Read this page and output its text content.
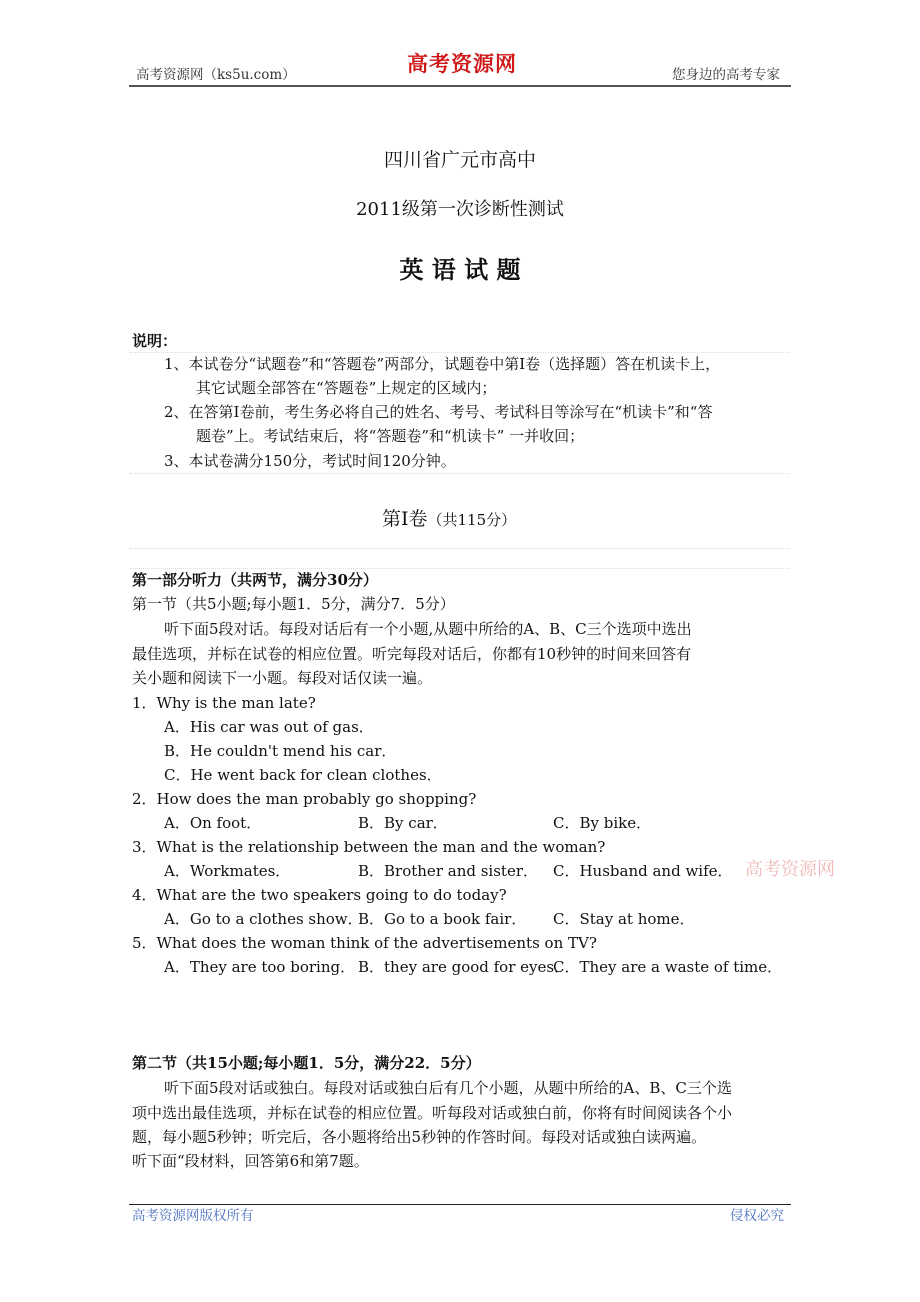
高考资源网（ks5u.com）	高考资源网	您身边的高考专家
四川省广元市高中
2011级第一次诊断性测试
英 语 试 题
说明：
1、本试卷分“试题卷”和“答题卷”两部分，试题卷中第I卷（选择题）答在机读卡上，
其它试题全部答在“答题卷”上规定的区域内；
2、在答第I卷前，考生务必将自己的姓名、考号、考试科目等涂写在“机读卡”和“答
题卷”上。考试结束后，将“答题卷”和“机读卡” 一并收回；
3、本试卷满分150分，考试时间120分钟。
第Ⅰ卷（共115分）
第一部分听力（共两节，满分30分）
第一节（共5小题;每小题1．5分，满分7．5分）
听下面5段对话。每段对话后有一个小题,从题中所给的A、B、C三个选项中选出
最佳选项，并标在试卷的相应位置。听完每段对话后，你都有10秒钟的时间来回答有
关小题和阅读下一小题。每段对话仅读一遍。
1．Why is the man late?
A．His car was out of gas．
B．He couldn't mend his car．
C．He went back for clean clothes．
2．How does the man probably go shopping?
A．On foot．	B．By car．	C．By bike．
3．What is the relationship between the man and the woman?
A．Workmates．	B．Brother and sister． C．Husband and wife． 高考资源网
4．What are the two speakers going to do today?
A．Go to a clothes show．
B．Go to a book fair． C．Stay at home．
5．What does the woman think of the advertisements on TV?
A．They are too boring． B．they are good for eyes．
C．They are a waste of time．
第二节（共15小题;每小题1．5分，满分22．5分）
听下面5段对话或独白。每段对话或独白后有几个小题，从题中所给的A、B、C三个选
项中选出最佳选项，并标在试卷的相应位置。听每段对话或独白前，你将有时间阅读各个小
题，每小题5秒钟；听完后，各小题将给出5秒钟的作答时间。每段对话或独白读两遍。
听下面“段材料，回答第6和第7题。
高考资源网版权所有	侵权必究
